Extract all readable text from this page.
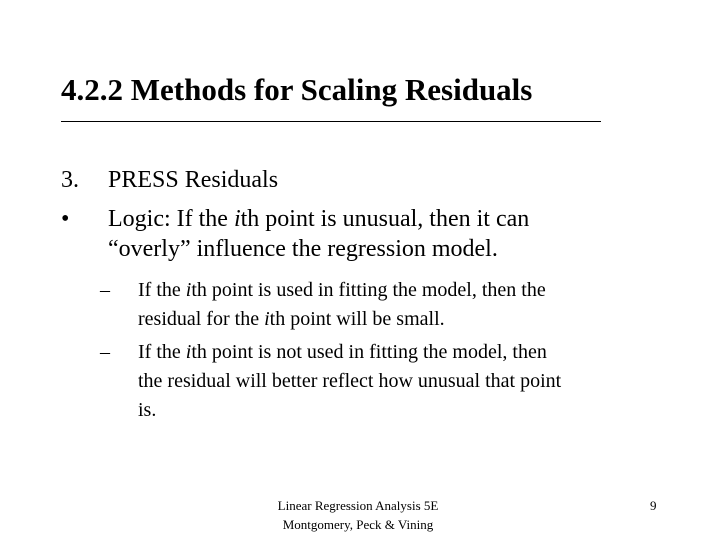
4.2.2 Methods for Scaling Residuals
3. PRESS Residuals
• Logic: If the ith point is unusual, then it can
“overly” influence the regression model.
– If the ith point is used in fitting the model, then the
residual for the ith point will be small.
– If the ith point is not used in fitting the model, then
the residual will better reflect how unusual that point
is.
Linear Regression Analysis 5E
Montgomery, Peck & Vining
9
